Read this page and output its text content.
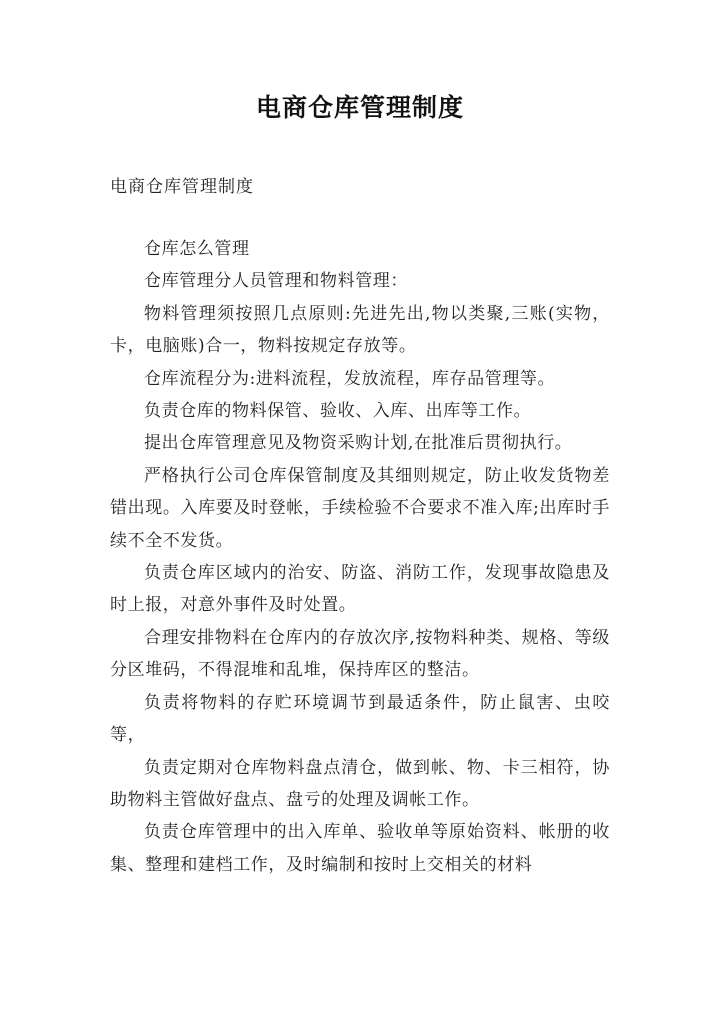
电商仓库管理制度
电商仓库管理制度

仓库怎么管理

仓库管理分人员管理和物料管理：

物料管理须按照几点原则:先进先出,物以类聚,三账(实物，卡，电脑账)合一，物料按规定存放等。

仓库流程分为:进料流程，发放流程，库存品管理等。

负责仓库的物料保管、验收、入库、出库等工作。

提出仓库管理意见及物资采购计划,在批准后贯彻执行。

严格执行公司仓库保管制度及其细则规定，防止收发货物差错出现。入库要及时登帐，手续检验不合要求不准入库;出库时手续不全不发货。

负责仓库区域内的治安、防盗、消防工作，发现事故隐患及时上报，对意外事件及时处置。

合理安排物料在仓库内的存放次序,按物料种类、规格、等级分区堆码，不得混堆和乱堆，保持库区的整洁。

负责将物料的存贮环境调节到最适条件，防止鼠害、虫咬等，

负责定期对仓库物料盘点清仓，做到帐、物、卡三相符，协助物料主管做好盘点、盘亏的处理及调帐工作。

负责仓库管理中的出入库单、验收单等原始资料、帐册的收集、整理和建档工作，及时编制和按时上交相关的材料
